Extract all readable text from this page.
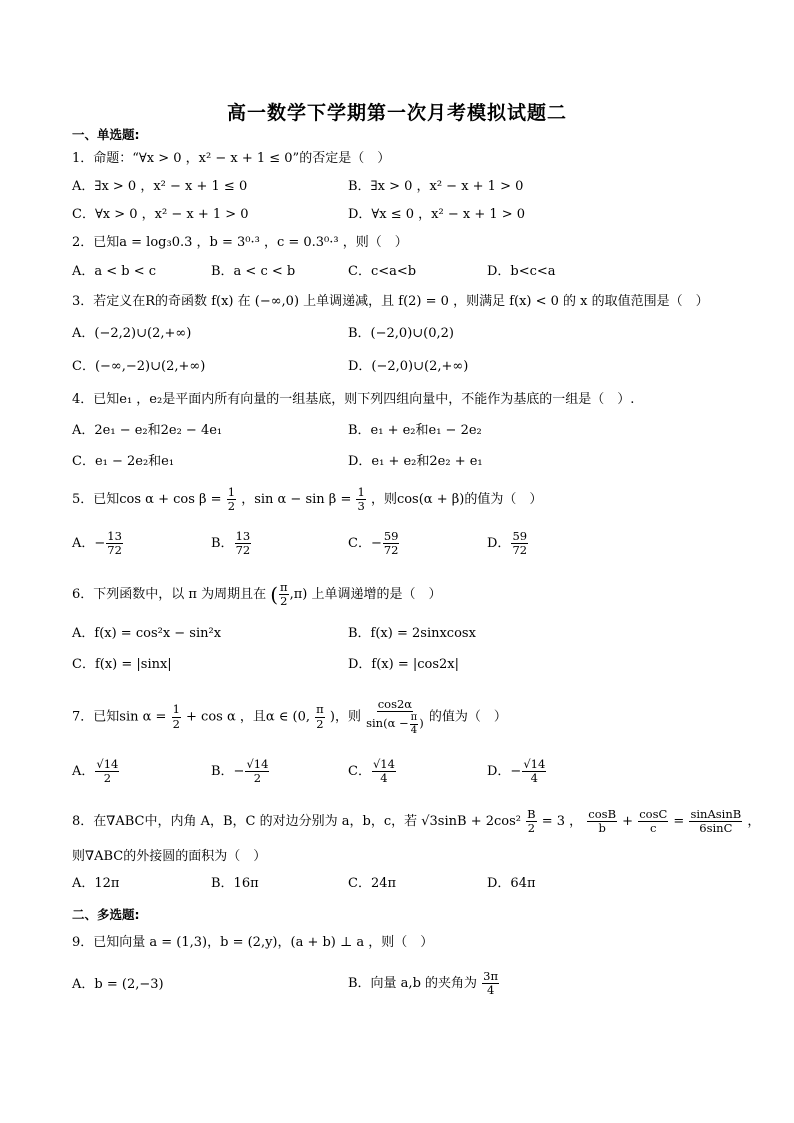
高一数学下学期第一次月考模拟试题二
一、单选题:
1．命题：“∀x > 0 ，x² − x + 1 ≤ 0”的否定是（　）
A．∃x > 0 ，x² − x + 1 ≤ 0	B．∃x > 0 ，x² − x + 1 > 0
C．∀x > 0 ，x² − x + 1 > 0	D．∀x ≤ 0 ，x² − x + 1 > 0
2．已知a = log₃0.3 ，b = 3⁰·³ ，c = 0.3⁰·³ ，则（　）
A．a < b < c	B．a < c < b	C．c<a<b	D．b<c<a
3．若定义在R的奇函数 f(x) 在 (−∞,0) 上单调递减，且 f(2) = 0 ，则满足 f(x) < 0 的 x 的取值范围是（　）
A．(−2,2)∪(2,+∞)	B．(−2,0)∪(0,2)
C．(−∞,−2)∪(2,+∞)	D．(−2,0)∪(2,+∞)
4．已知e₁ ，e₂是平面内所有向量的一组基底，则下列四组向量中，不能作为基底的一组是（　）.
A．2e₁ − e₂和2e₂ − 4e₁	B．e₁ + e₂和e₁ − 2e₂
C．e₁ − 2e₂和e₁	D．e₁ + e₂和2e₂ + e₁
5．已知$\cos \alpha + \cos \beta = \frac{1}{2}$ ，$\sin \alpha - \sin \beta = \frac{1}{3}$ ，则cos(α + β)的值为（　）
A．− $\frac{13}{72}$	B． $\frac{13}{72}$	C．− $\frac{59}{72}$	D． $\frac{59}{72}$
6．下列函数中，以 π 为周期且在 ( $\frac{\pi}{2} ,\pi$) 上单调递增的是（　）
A．f(x) = cos²x − sin²x	B．f(x) = 2sinxcosx
C．f(x) = |sinx|	D．f(x) = |cos2x|
7．已知$\sin \alpha = \frac{1}{2} + \cos \alpha$ ，且α ∈ (0, $\frac{\pi}{2}$ )，则 $\frac{\cos 2\alpha}{\sin(\alpha - \frac{\pi}{4} )}$ 的值为（　）
A． $\frac{√14}{2}$	B．− $\frac{√14}{2}$	C． $\frac{√14}{4}$	D．− $\frac{√14}{4}$
8．在∇ABC中，内角 A，B，C 的对边分别为 a，b，c，若 $√3\sin B + 2\cos^2 \frac{B}{2} = 3$ ， $\frac{\cos B}{b} + \frac{\cos C}{c} = \frac{\text{sinAsinB}}{6\sin C}$ ，
则∇ABC的外接圆的面积为（　）
A．12π	B．16π	C．24π	D．64π
二、多选题:
9．已知向量 a = (1,3)，b = (2,y)，(a + b) ⊥ a ，则（　）
A．b = (2,−3)	B．向量 a,b 的夹角为 $\frac{3\pi}{4}$
